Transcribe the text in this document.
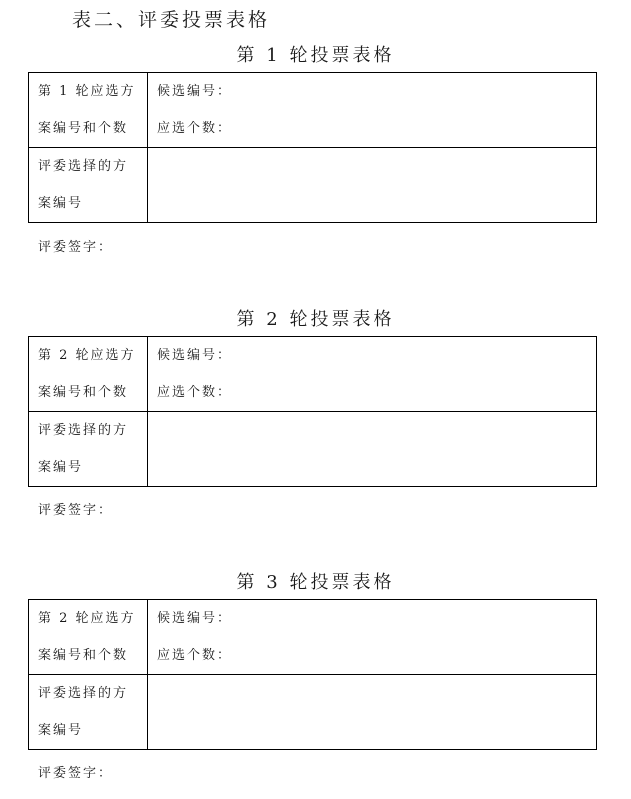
表二、评委投票表格
第 1 轮投票表格
第 1 轮应选方
案编号和个数	候选编号：
应选个数：

评委选择的方
案编号	

评委签字：
第 2 轮投票表格
第 2 轮应选方
案编号和个数	候选编号：
应选个数：

评委选择的方
案编号	

评委签字：
第 3 轮投票表格
第 2 轮应选方
案编号和个数	候选编号：
应选个数：

评委选择的方
案编号	

评委签字：
